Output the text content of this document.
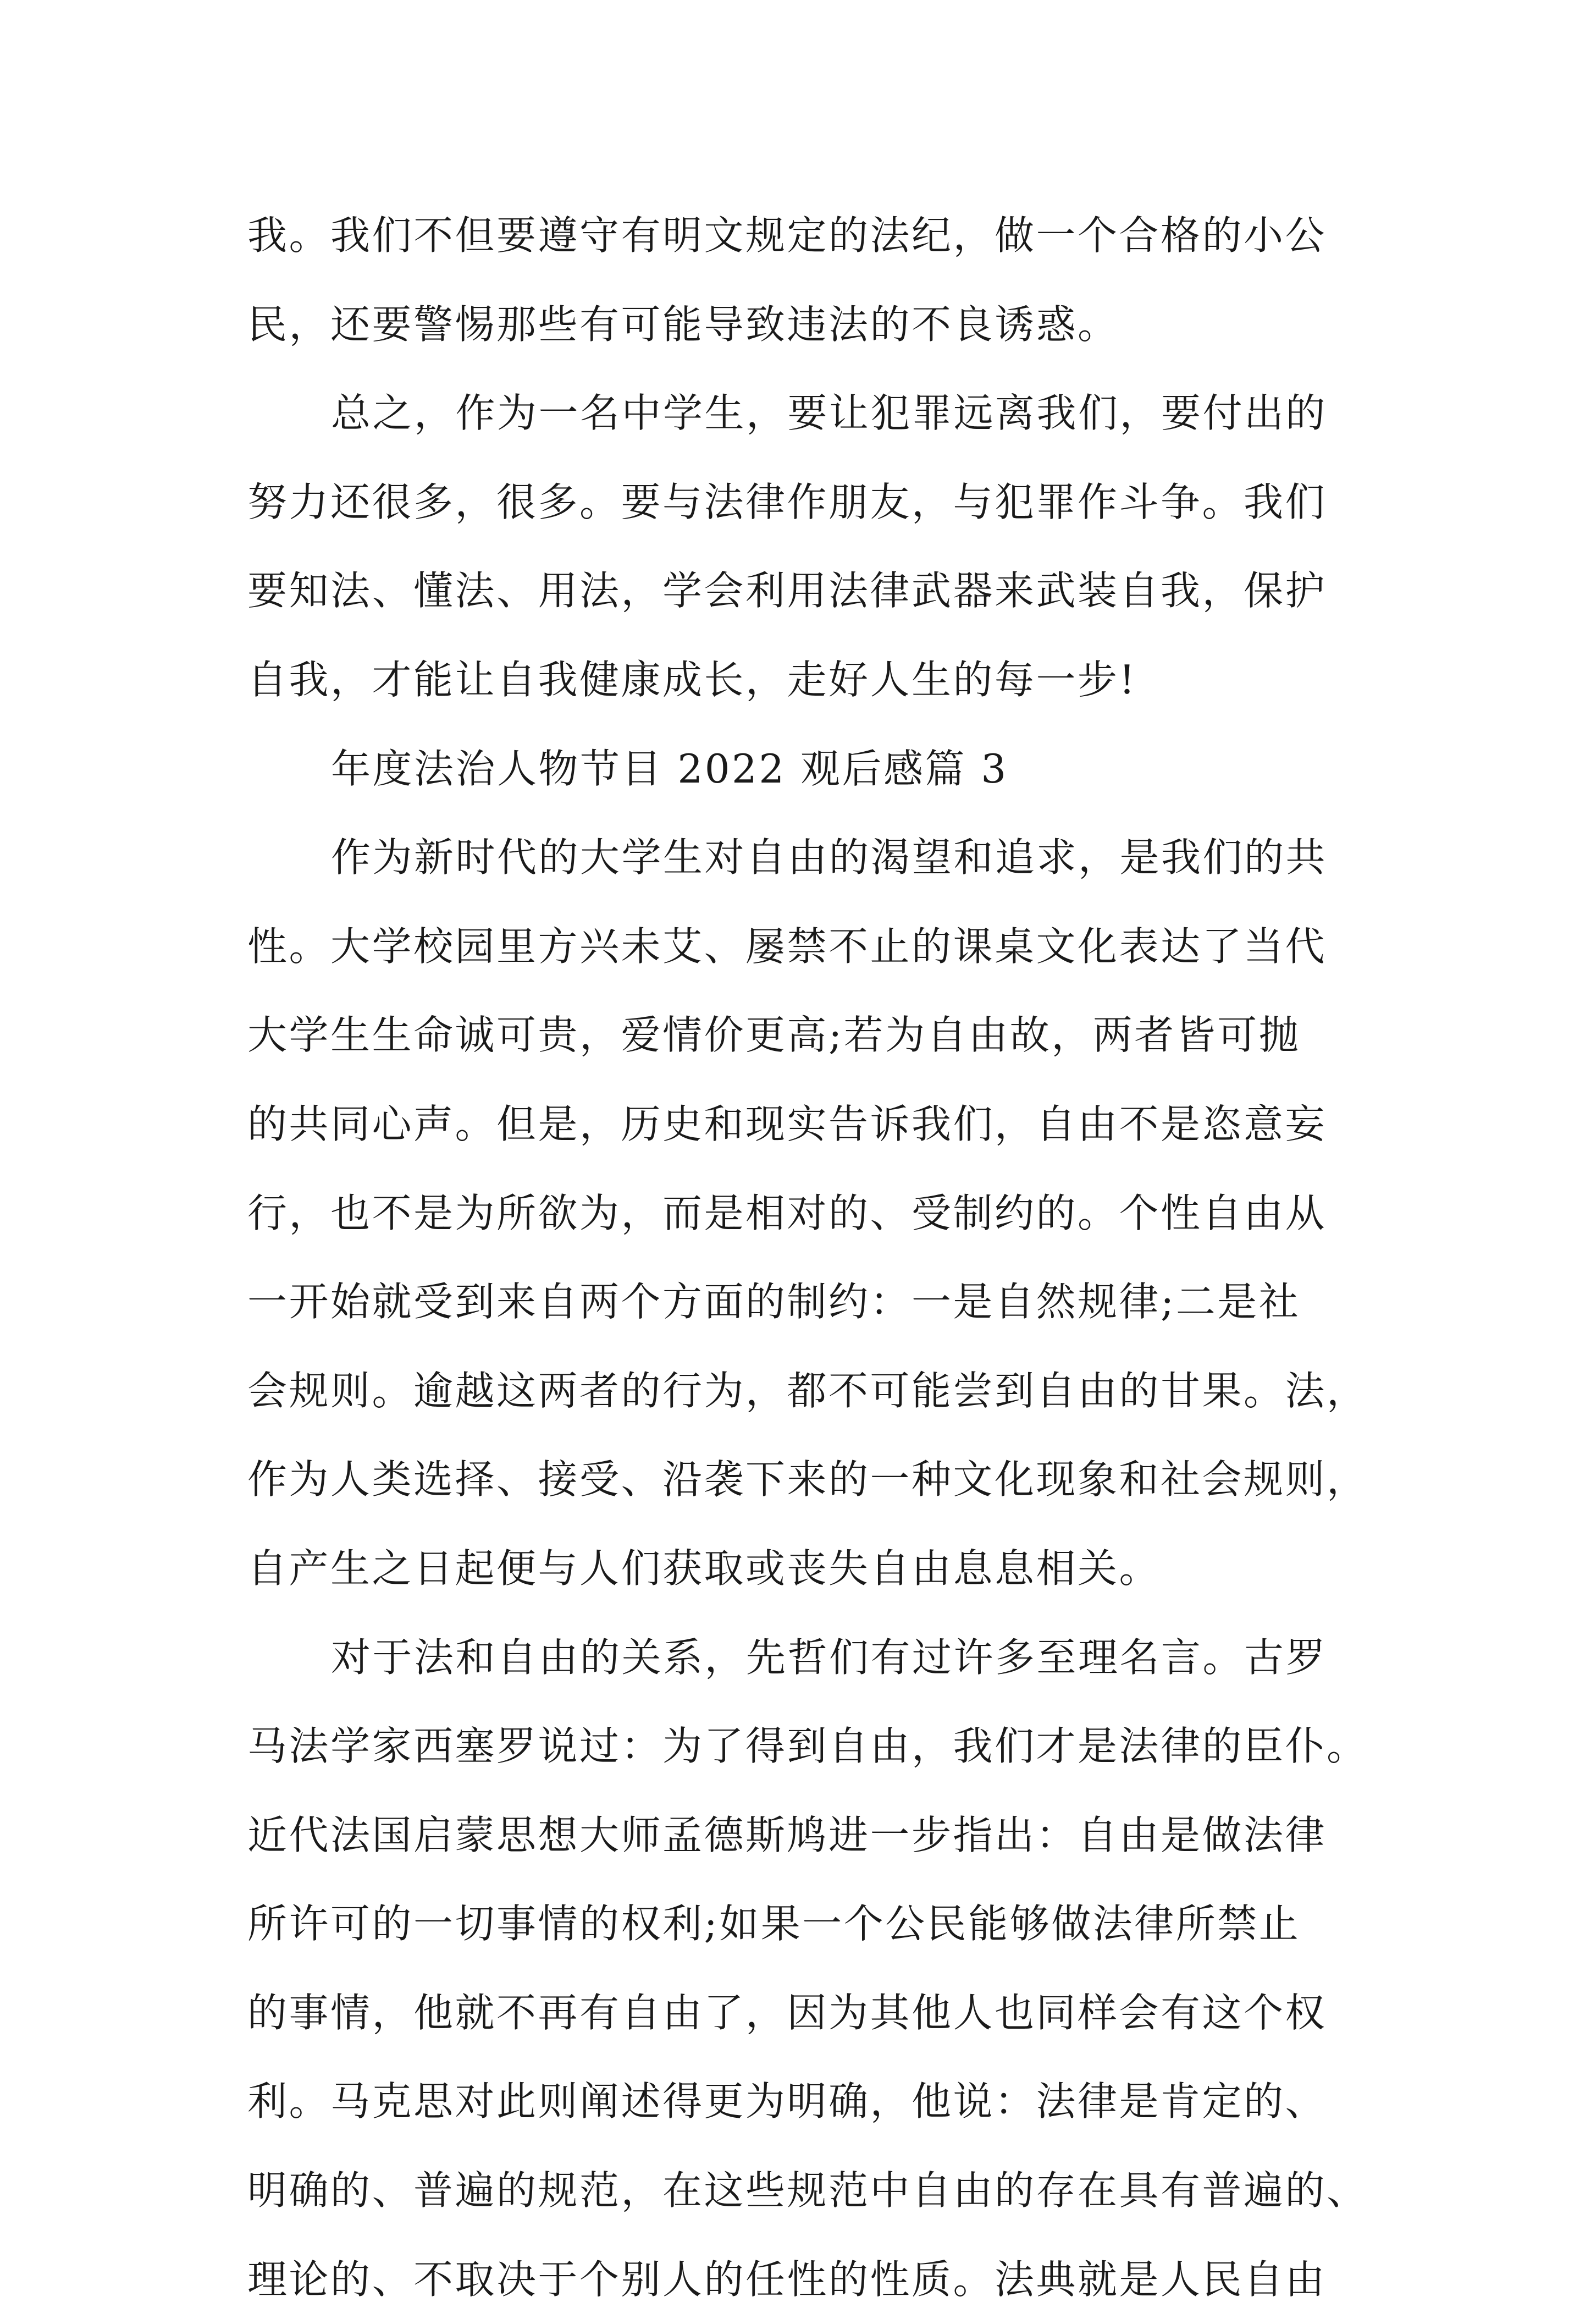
我。我们不但要遵守有明文规定的法纪，做一个合格的小公
民，还要警惕那些有可能导致违法的不良诱惑。
总之，作为一名中学生，要让犯罪远离我们，要付出的
努力还很多，很多。要与法律作朋友，与犯罪作斗争。我们
要知法、懂法、用法，学会利用法律武器来武装自我，保护
自我，才能让自我健康成长，走好人生的每一步!
年度法治人物节目 2022 观后感篇 3
作为新时代的大学生对自由的渴望和追求，是我们的共
性。大学校园里方兴未艾、屡禁不止的课桌文化表达了当代
大学生生命诚可贵，爱情价更高;若为自由故，两者皆可抛
的共同心声。但是，历史和现实告诉我们，自由不是恣意妄
行，也不是为所欲为，而是相对的、受制约的。个性自由从
一开始就受到来自两个方面的制约：一是自然规律;二是社
会规则。逾越这两者的行为，都不可能尝到自由的甘果。法，
作为人类选择、接受、沿袭下来的一种文化现象和社会规则，
自产生之日起便与人们获取或丧失自由息息相关。
对于法和自由的关系，先哲们有过许多至理名言。古罗
马法学家西塞罗说过：为了得到自由，我们才是法律的臣仆。
近代法国启蒙思想大师孟德斯鸠进一步指出：自由是做法律
所许可的一切事情的权利;如果一个公民能够做法律所禁止
的事情，他就不再有自由了，因为其他人也同样会有这个权
利。马克思对此则阐述得更为明确，他说：法律是肯定的、
明确的、普遍的规范，在这些规范中自由的存在具有普遍的、
理论的、不取决于个别人的任性的性质。法典就是人民自由
